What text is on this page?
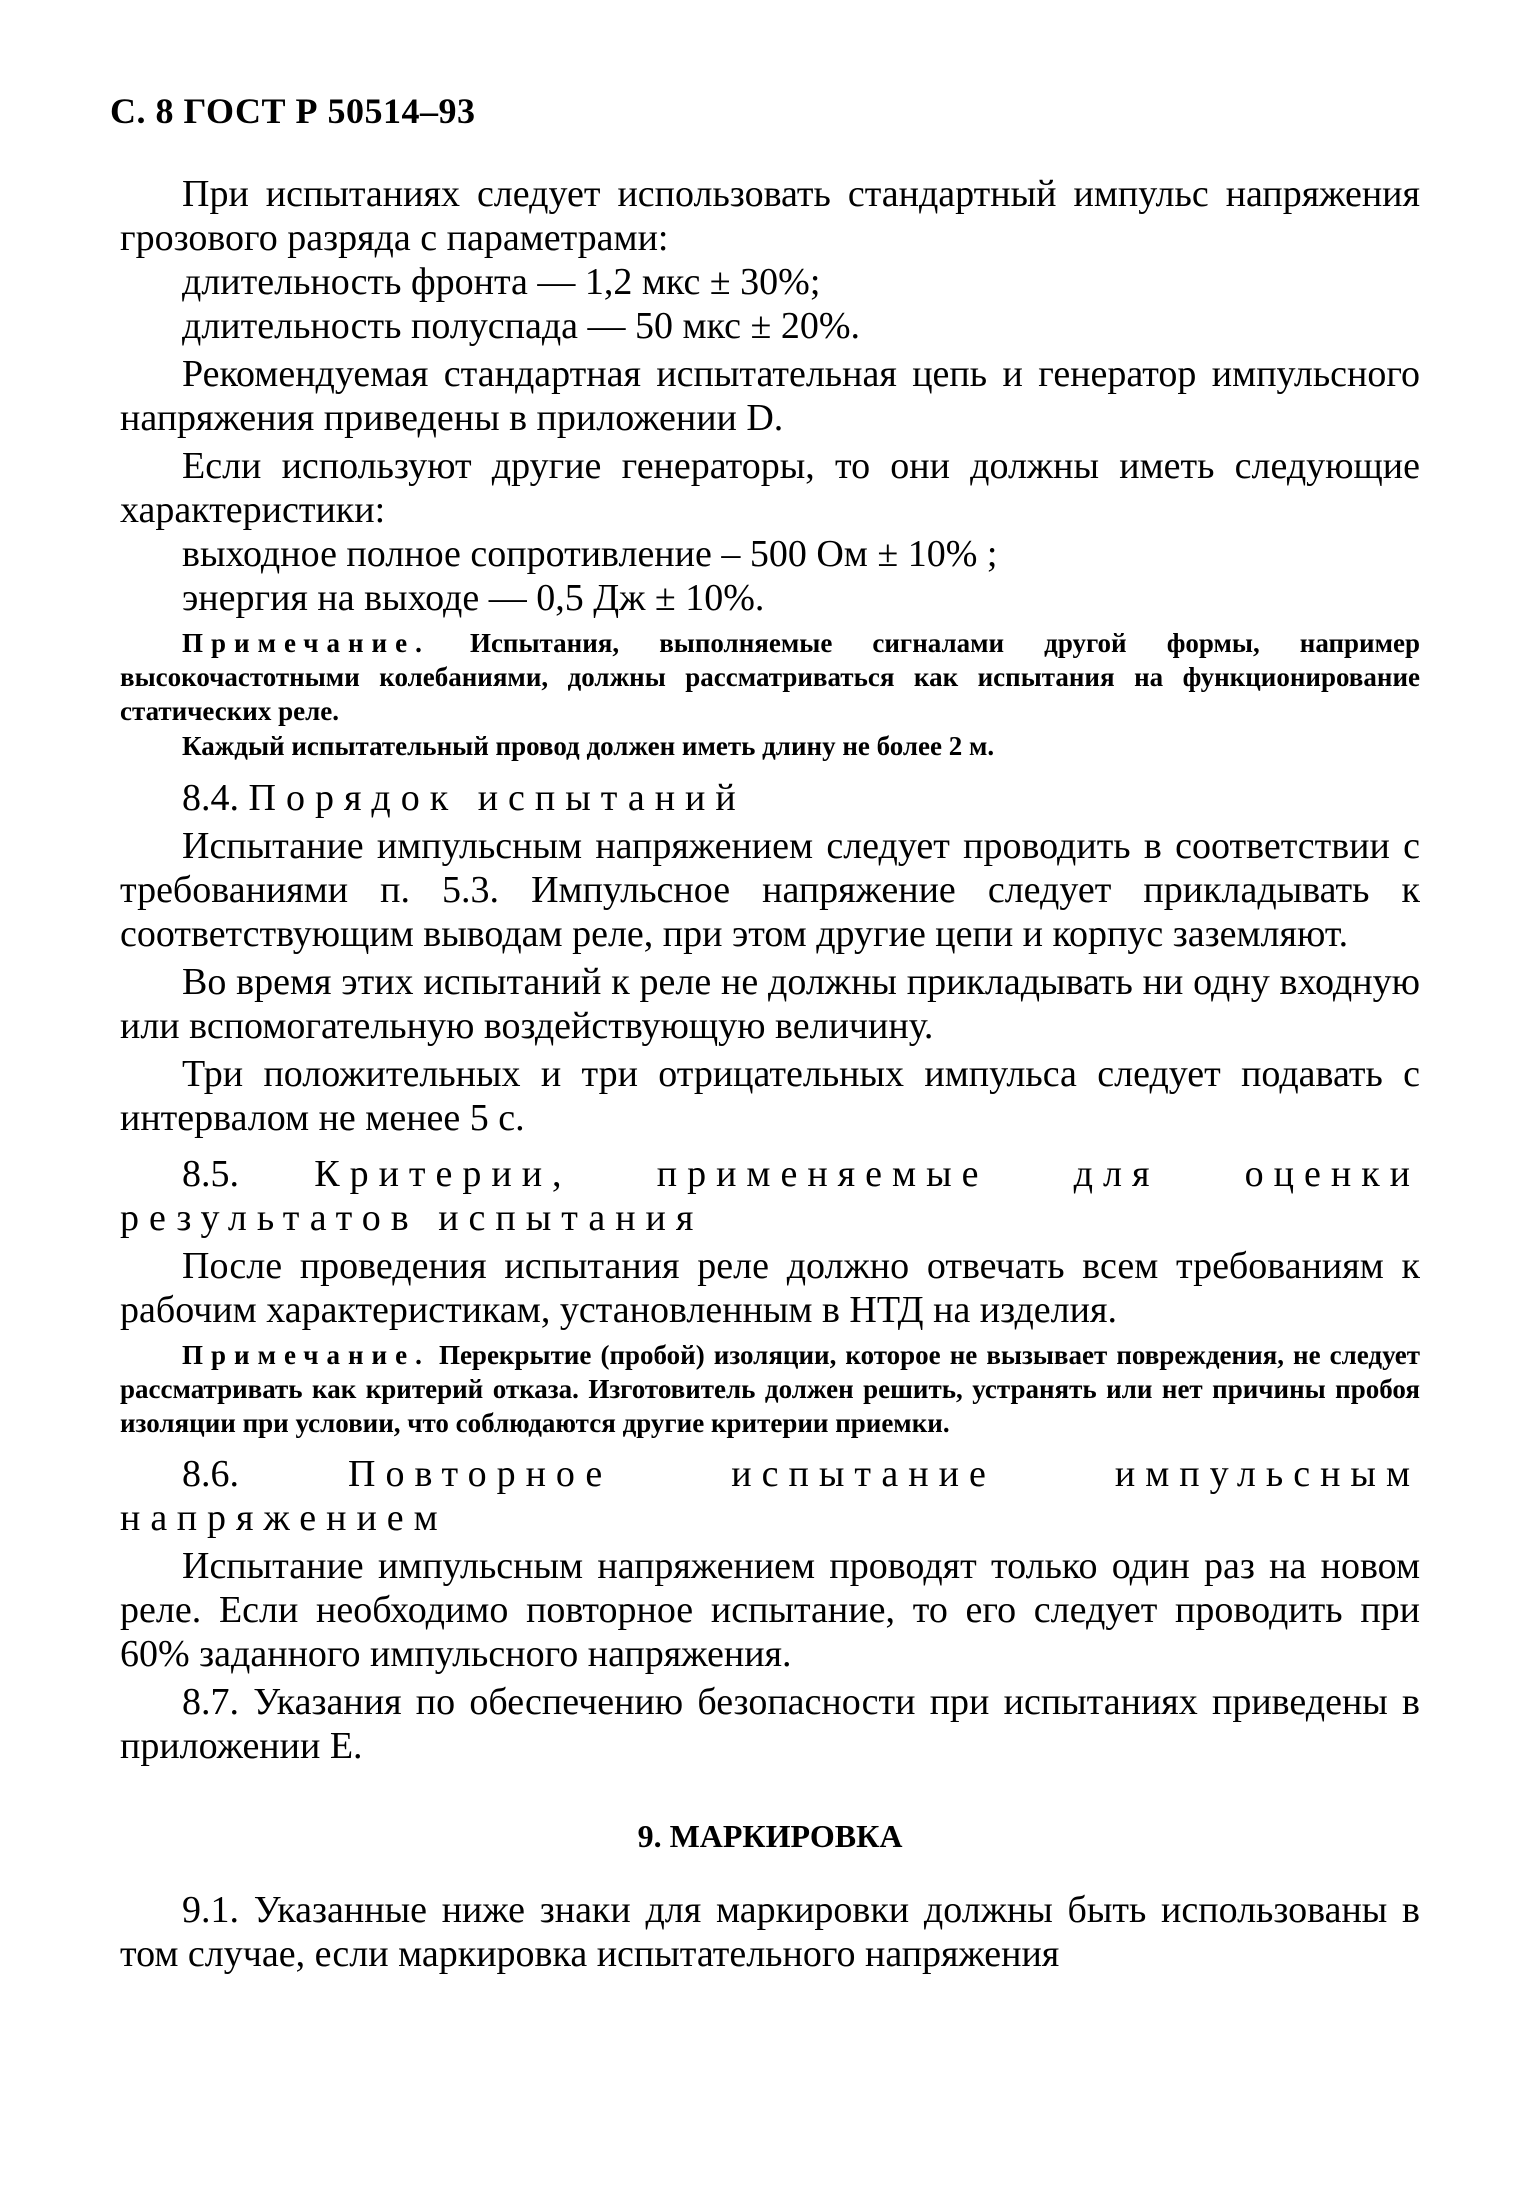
С. 8 ГОСТ Р 50514–93

При испытаниях следует использовать стандартный импульс напряжения грозового разряда с параметрами:

длительность фронта — 1,2 мкс ± 30%;

длительность полуспада — 50 мкс ± 20%.

Рекомендуемая стандартная испытательная цепь и генератор импульсного напряжения приведены в приложении D.

Если используют другие генераторы, то они должны иметь следующие характеристики:

выходное полное сопротивление – 500 Ом ± 10% ;

энергия на выходе — 0,5 Дж ± 10%.

Примечание. Испытания, выполняемые сигналами другой формы, например высокочастотными колебаниями, должны рассматриваться как испытания на функционирование статических реле.

Каждый испытательный провод должен иметь длину не более 2 м.

8.4. Порядок испытаний

Испытание импульсным напряжением следует проводить в соответствии с требованиями п. 5.3. Импульсное напряжение следует прикладывать к соответствующим выводам реле, при этом другие цепи и корпус заземляют.

Во время этих испытаний к реле не должны прикладывать ни одну входную или вспомогательную воздействующую величину.

Три положительных и три отрицательных импульса следует подавать с интервалом не менее 5 с.

8.5. Критерии, применяемые для оценки результатов испытания

После проведения испытания реле должно отвечать всем требованиям к рабочим характеристикам, установленным в НТД на изделия.

Примечание. Перекрытие (пробой) изоляции, которое не вызывает повреждения, не следует рассматривать как критерий отказа. Изготовитель должен решить, устранять или нет причины пробоя изоляции при условии, что соблюдаются другие критерии приемки.

8.6.	Повторное испытание импульсным напряжением

Испытание импульсным напряжением проводят только один раз на новом реле. Если необходимо повторное испытание, то его следует проводить при 60% заданного импульсного напряжения.

8.7. Указания по обеспечению безопасности при испытаниях приведены в приложении Е.

9. МАРКИРОВКА

9.1. Указанные ниже знаки для маркировки должны быть использованы в том случае, если маркировка испытательного напряжения
